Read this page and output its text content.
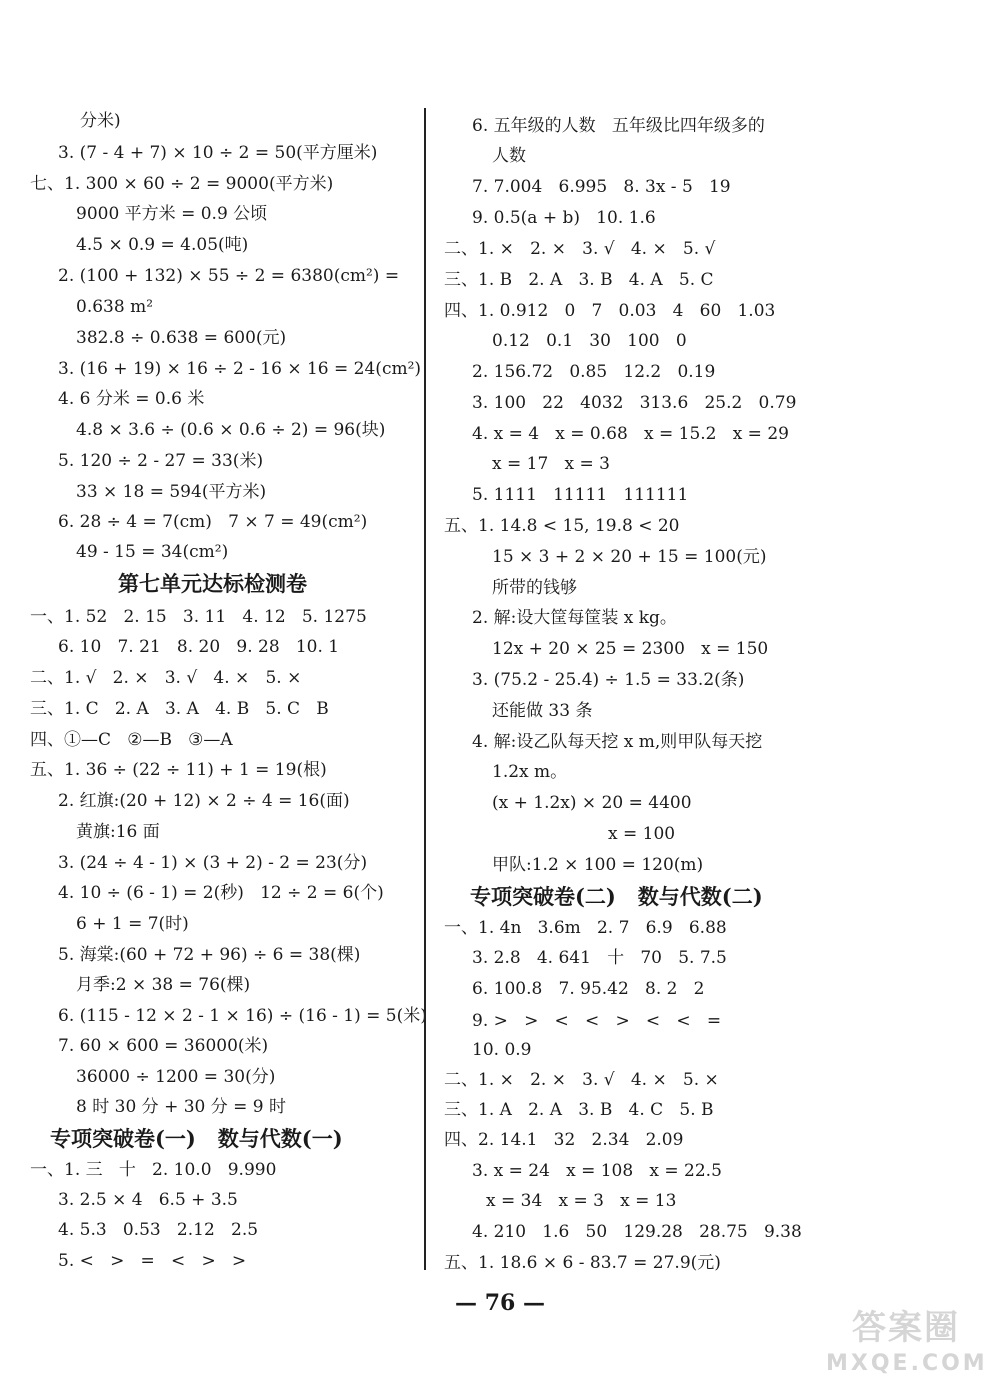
分米)
3. (7 - 4 + 7) × 10 ÷ 2 = 50(平方厘米)
七、1. 300 × 60 ÷ 2 = 9000(平方米)
9000 平方米 = 0.9 公顷
4.5 × 0.9 = 4.05(吨)
2. (100 + 132) × 55 ÷ 2 = 6380(cm²) =
0.638 m²
382.8 ÷ 0.638 = 600(元)
3. (16 + 19) × 16 ÷ 2 - 16 × 16 = 24(cm²)
4. 6 分米 = 0.6 米
4.8 × 3.6 ÷ (0.6 × 0.6 ÷ 2) = 96(块)
5. 120 ÷ 2 - 27 = 33(米)
33 × 18 = 594(平方米)
6. 28 ÷ 4 = 7(cm)   7 × 7 = 49(cm²)
49 - 15 = 34(cm²)
第七单元达标检测卷
一、1. 52   2. 15   3. 11   4. 12   5. 1275
6. 10   7. 21   8. 20   9. 28   10. 1
二、1. √   2. ×   3. √   4. ×   5. ×
三、1. C   2. A   3. A   4. B   5. C   B
四、①—C   ②—B   ③—A
五、1. 36 ÷ (22 ÷ 11) + 1 = 19(根)
2. 红旗:(20 + 12) × 2 ÷ 4 = 16(面)
黄旗:16 面
3. (24 ÷ 4 - 1) × (3 + 2) - 2 = 23(分)
4. 10 ÷ (6 - 1) = 2(秒)   12 ÷ 2 = 6(个)
6 + 1 = 7(时)
5. 海棠:(60 + 72 + 96) ÷ 6 = 38(棵)
月季:2 × 38 = 76(棵)
6. (115 - 12 × 2 - 1 × 16) ÷ (16 - 1) = 5(米)
7. 60 × 600 = 36000(米)
36000 ÷ 1200 = 30(分)
8 时 30 分 + 30 分 = 9 时
专项突破卷(一)   数与代数(一)
一、1. 三   十   2. 10.0   9.990
3. 2.5 × 4   6.5 + 3.5
4. 5.3   0.53   2.12   2.5
5. <   >   =   <   >   >
6. 五年级的人数   五年级比四年级多的
人数
7. 7.004   6.995   8. 3x - 5   19
9. 0.5(a + b)   10. 1.6
二、1. ×   2. ×   3. √   4. ×   5. √
三、1. B   2. A   3. B   4. A   5. C
四、1. 0.912   0   7   0.03   4   60   1.03
0.12   0.1   30   100   0
2. 156.72   0.85   12.2   0.19
3. 100   22   4032   313.6   25.2   0.79
4. x = 4   x = 0.68   x = 15.2   x = 29
x = 17   x = 3
5. 1111   11111   111111
五、1. 14.8 < 15, 19.8 < 20
15 × 3 + 2 × 20 + 15 = 100(元)
所带的钱够
2. 解:设大筐每筐装 x kg。
12x + 20 × 25 = 2300   x = 150
3. (75.2 - 25.4) ÷ 1.5 = 33.2(条)
还能做 33 条
4. 解:设乙队每天挖 x m,则甲队每天挖
1.2x m。
(x + 1.2x) × 20 = 4400
x = 100
甲队:1.2 × 100 = 120(m)
专项突破卷(二)   数与代数(二)
一、1. 4n   3.6m   2. 7   6.9   6.88
3. 2.8   4. 641   十   70   5. 7.5
6. 100.8   7. 95.42   8. 2   2
9. >   >   <   <   >   <   <   =
10. 0.9
二、1. ×   2. ×   3. √   4. ×   5. ×
三、1. A   2. A   3. B   4. C   5. B
四、2. 14.1   32   2.34   2.09
3. x = 24   x = 108   x = 22.5
x = 34   x = 3   x = 13
4. 210   1.6   50   129.28   28.75   9.38
五、1. 18.6 × 6 - 83.7 = 27.9(元)
— 76 —
答案圈
MXQE.COM
